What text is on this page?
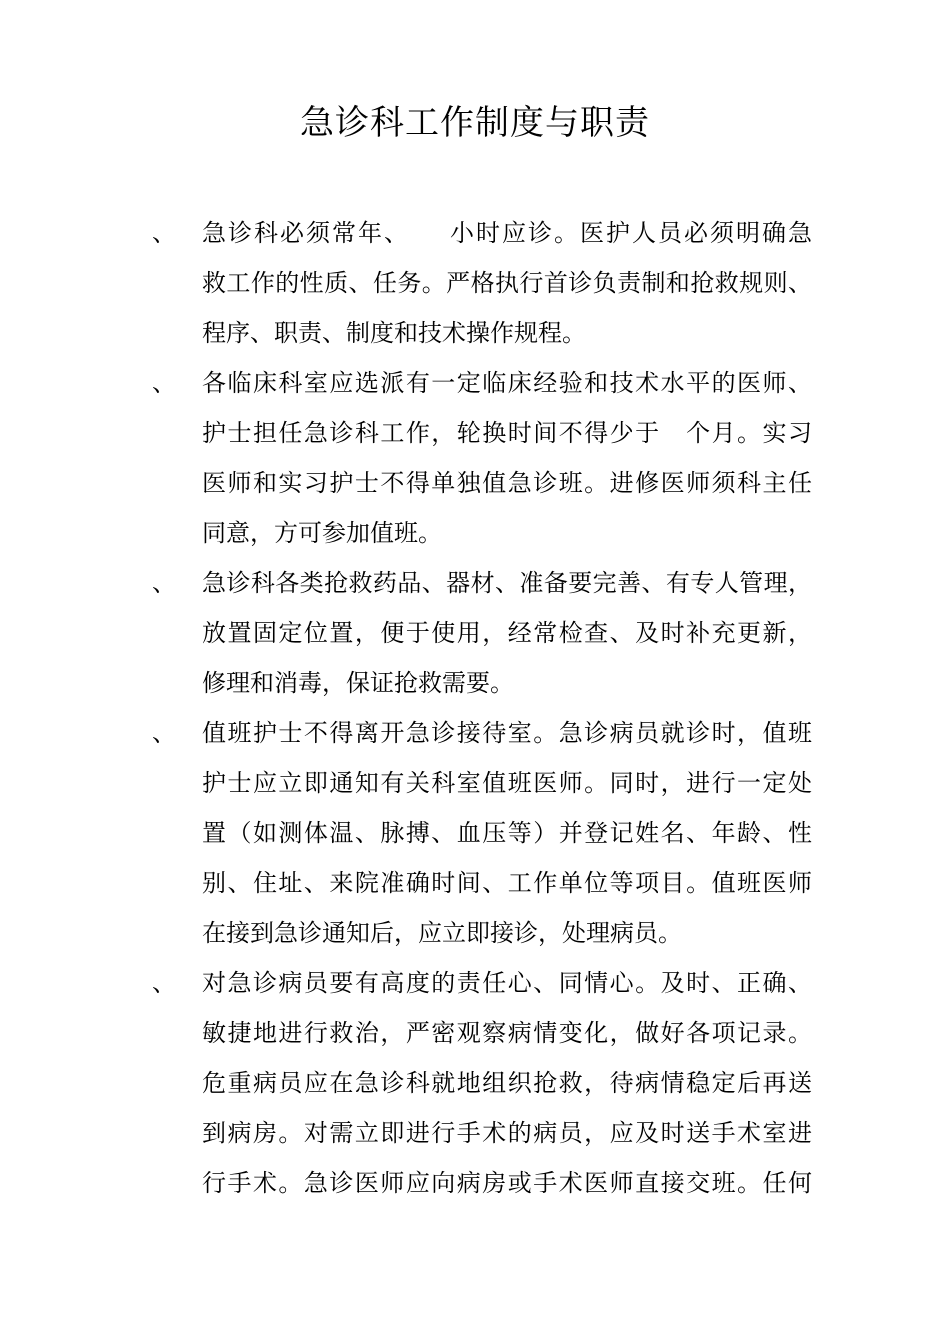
急诊科工作制度与职责
、 急诊科必须常年、　　小时应诊。医护人员必须明确急
救工作的性质、任务。严格执行首诊负责制和抢救规则、
程序、职责、制度和技术操作规程。
、 各临床科室应选派有一定临床经验和技术水平的医师、
护士担任急诊科工作，轮换时间不得少于　个月。实习
医师和实习护士不得单独值急诊班。进修医师须科主任
同意，方可参加值班。
、 急诊科各类抢救药品、器材、准备要完善、有专人管理，
放置固定位置，便于使用，经常检查、及时补充更新，
修理和消毒，保证抢救需要。
、 值班护士不得离开急诊接待室。急诊病员就诊时，值班
护士应立即通知有关科室值班医师。同时，进行一定处
置（如测体温、脉搏、血压等）并登记姓名、年龄、性
别、住址、来院准确时间、工作单位等项目。值班医师
在接到急诊通知后，应立即接诊，处理病员。
、 对急诊病员要有高度的责任心、同情心。及时、正确、
敏捷地进行救治，严密观察病情变化，做好各项记录。
危重病员应在急诊科就地组织抢救，待病情稳定后再送
到病房。对需立即进行手术的病员，应及时送手术室进
行手术。急诊医师应向病房或手术医师直接交班。任何
